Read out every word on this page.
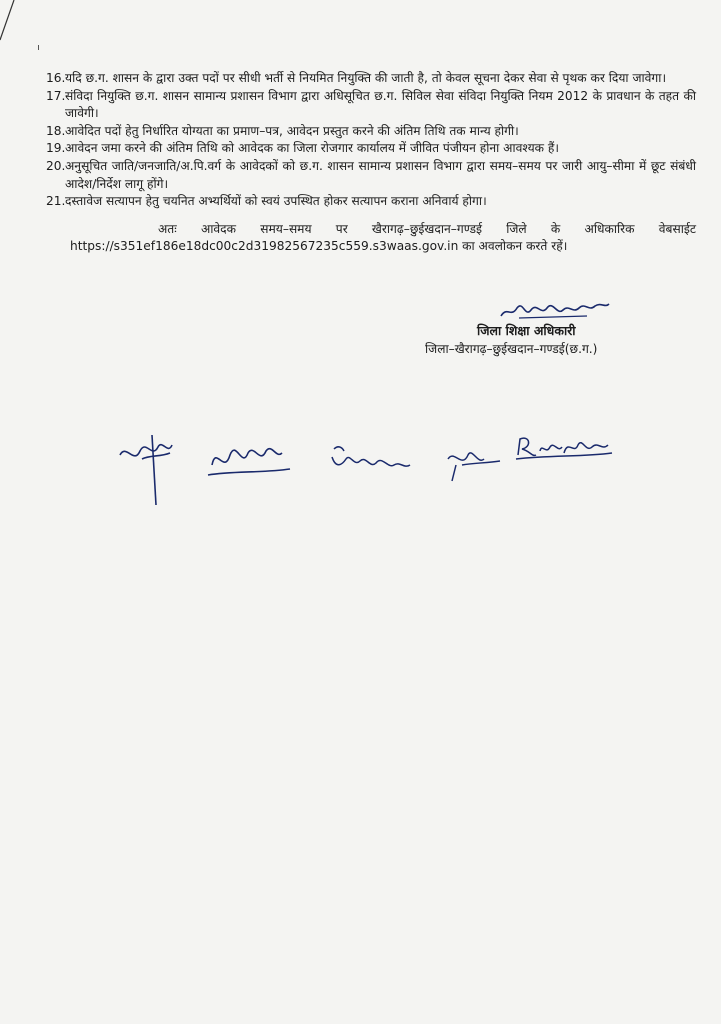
16. यदि छ.ग. शासन के द्वारा उक्त पदों पर सीधी भर्ती से नियमित नियुक्ति की जाती है, तो केवल सूचना देकर सेवा से पृथक कर दिया जावेगा।
17. संविदा नियुक्ति छ.ग. शासन सामान्य प्रशासन विभाग द्वारा अधिसूचित छ.ग. सिविल सेवा संविदा नियुक्ति नियम 2012 के प्रावधान के तहत की जावेगी।
18. आवेदित पदों हेतु निर्धारित योग्यता का प्रमाण–पत्र, आवेदन प्रस्तुत करने की अंतिम तिथि तक मान्य होगी।
19. आवेदन जमा करने की अंतिम तिथि को आवेदक का जिला रोजगार कार्यालय में जीवित पंजीयन होना आवश्यक हैं।
20. अनुसूचित जाति/जनजाति/अ.पि.वर्ग के आवेदकों को छ.ग. शासन सामान्य प्रशासन विभाग द्वारा समय–समय पर जारी आयु–सीमा में छूट संबंधी आदेश/निर्देश लागू होंगे।
21. दस्तावेज सत्यापन हेतु चयनित अभ्यर्थियों को स्वयं उपस्थित होकर सत्यापन कराना अनिवार्य होगा।
अतः आवेदक समय–समय पर खैरागढ़–छुईखदान–गण्डई जिले के अधिकारिक वेबसाईट
https://s351ef186e18dc00c2d31982567235c559.s3waas.gov.in का अवलोकन करते रहें।
जिला शिक्षा अधिकारी
जिला–खैरागढ़–छुईखदान–गण्डई(छ.ग.)
